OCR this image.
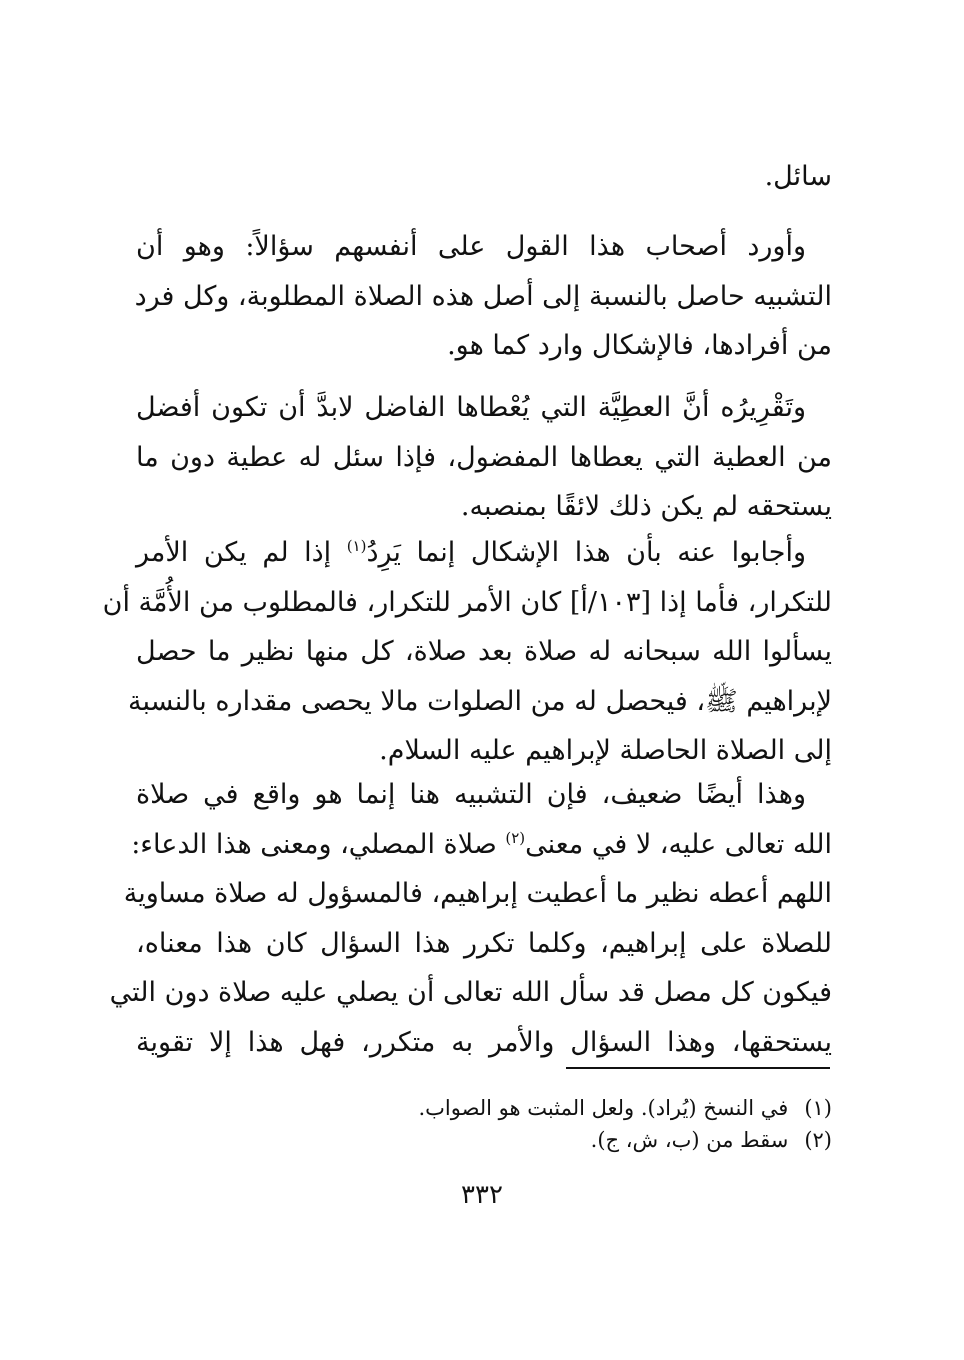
سائل.
وأورد أصحاب هذا القول على أنفسهم سؤالاً: وهو أن
التشبيه حاصل بالنسبة إلى أصل هذه الصلاة المطلوبة، وكل فرد
من أفرادها، فالإشكال وارد كما هو.
وتَقْرِيرُه أنَّ العطِيَّة التي يُعْطاها الفاضل لابدَّ أن تكون أفضل
من العطية التي يعطاها المفضول، فإذا سئل له عطية دون ما
يستحقه لم يكن ذلك لائقًا بمنصبه.
وأجابوا عنه بأن هذا الإشكال إنما يَرِدُ$^{(١)}$ إذا لم يكن الأمر
للتكرار، فأما إذا [١٠٣/أ] كان الأمر للتكرار، فالمطلوب من الأُمَّة أن
يسألوا الله سبحانه له صلاة بعد صلاة، كل منها نظير ما حصل
لإبراهيم ﷺ، فيحصل له من الصلوات مالا يحصى مقداره بالنسبة
إلى الصلاة الحاصلة لإبراهيم عليه السلام.
وهذا أيضًا ضعيف، فإن التشبيه هنا إنما هو واقع في صلاة
الله تعالى عليه، لا في معنى$^{(٢)}$ صلاة المصلي، ومعنى هذا الدعاء:
اللهم أعطه نظير ما أعطيت إبراهيم، فالمسؤول له صلاة مساوية
للصلاة على إبراهيم، وكلما تكرر هذا السؤال كان هذا معناه،
فيكون كل مصل قد سأل الله تعالى أن يصلي عليه صلاة دون التي
يستحقها، وهذا السؤال والأمر به متكرر، فهل هذا إلا تقوية
(١)في النسخ (يُراد). ولعل المثبت هو الصواب.
(٢)سقط من (ب، ش، ج).
٣٣٢
